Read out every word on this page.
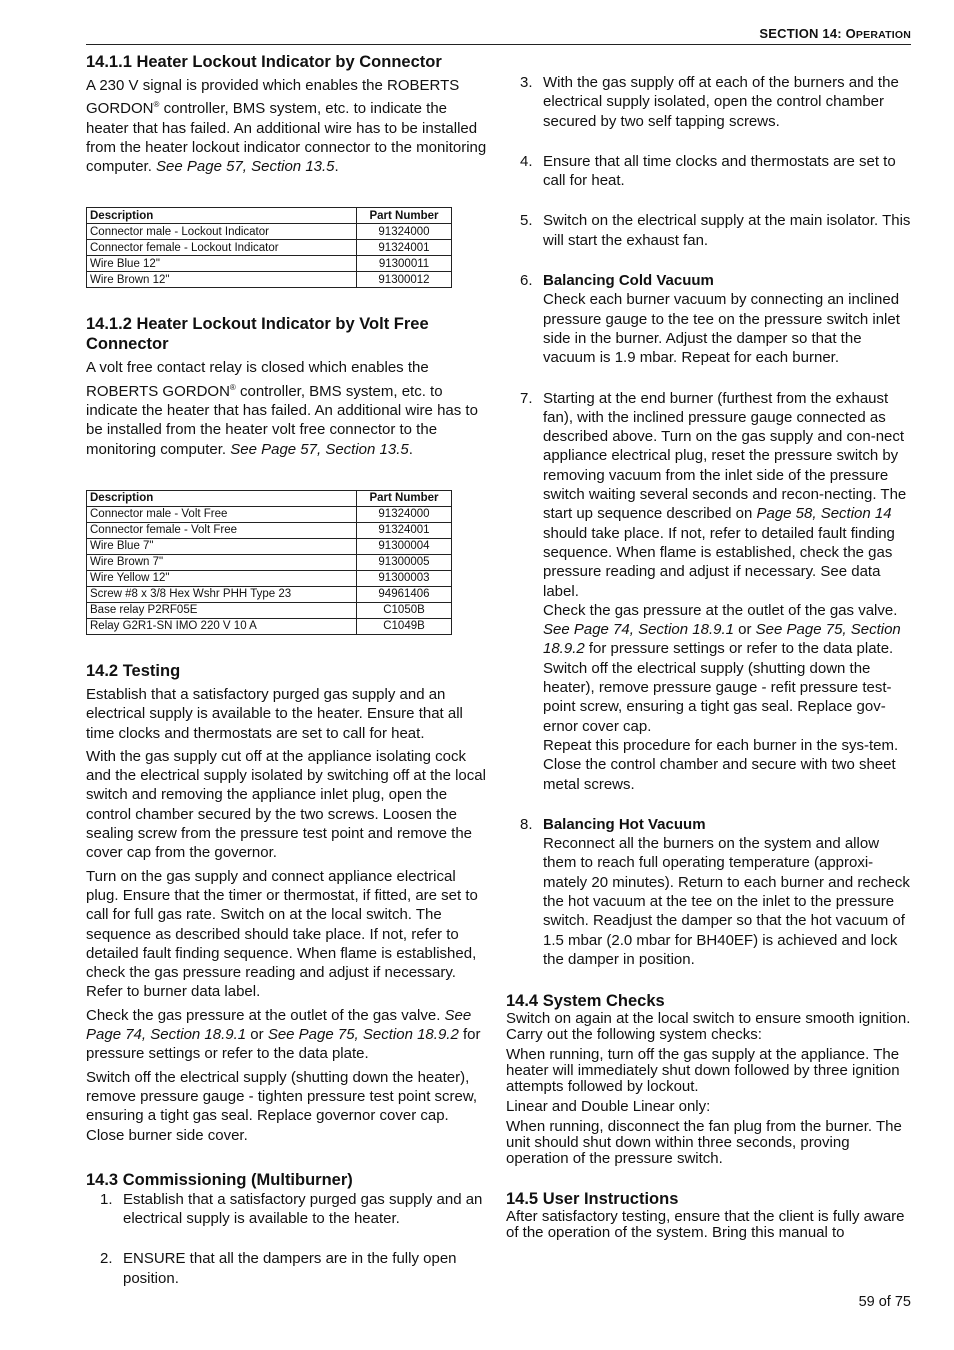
SECTION 14: OPERATION
14.1.1 Heater Lockout Indicator by Connector

A 230 V signal is provided which enables the ROBERTS GORDON® controller, BMS system, etc. to indicate the heater that has failed. An additional wire has to be installed from the heater lockout indicator connector to the monitoring computer. See Page 57, Section 13.5.

Description	Part Number
Connector male - Lockout Indicator	91324000
Connector female - Lockout Indicator	91324001
Wire Blue 12"	91300011
Wire Brown 12"	91300012
14.1.2 Heater Lockout Indicator by Volt Free Connector

A volt free contact relay is closed which enables the ROBERTS GORDON® controller, BMS system, etc. to indicate the heater that has failed. An additional wire has to be installed from the heater volt free connector to the monitoring computer. See Page 57, Section 13.5.

Description	Part Number
Connector male - Volt Free	91324000
Connector female - Volt Free	91324001
Wire Blue 7"	91300004
Wire Brown 7"	91300005
Wire Yellow 12"	91300003
Screw #8 x 3/8 Hex Wshr PHH Type 23	94961406
Base relay P2RF05E	C1050B
Relay G2R1-SN IMO 220 V 10 A	C1049B
14.2 Testing

Establish that a satisfactory purged gas supply and an electrical supply is available to the heater. Ensure that all time clocks and thermostats are set to call for heat.

With the gas supply cut off at the appliance isolating cock and the electrical supply isolated by switching off at the local switch and removing the appliance inlet plug, open the control chamber secured by the two screws. Loosen the sealing screw from the pressure test point and remove the cover cap from the governor.

Turn on the gas supply and connect appliance electrical plug. Ensure that the timer or thermostat, if fitted, are set to call for full gas rate. Switch on at the local switch. The sequence as described should take place. If not, refer to detailed fault finding sequence. When flame is established, check the gas pressure reading and adjust if necessary. Refer to burner data label.

Check the gas pressure at the outlet of the gas valve. See Page 74, Section 18.9.1 or See Page 75, Section 18.9.2 for pressure settings or refer to the data plate.

Switch off the electrical supply (shutting down the heater), remove pressure gauge - tighten pressure test point screw, ensuring a tight gas seal. Replace governor cover cap. Close burner side cover.

14.3 Commissioning (Multiburner)
1. Establish that a satisfactory purged gas supply and an electrical supply is available to the heater.
2. ENSURE that all the dampers are in the fully open position.
3. With the gas supply off at each of the burners and the electrical supply isolated, open the control chamber secured by two self tapping screws.
4. Ensure that all time clocks and thermostats are set to call for heat.
5. Switch on the electrical supply at the main isolator. This will start the exhaust fan.
6. Balancing Cold Vacuum
Check each burner vacuum by connecting an inclined pressure gauge to the tee on the pressure switch inlet side in the burner. Adjust the damper so that the vacuum is 1.9 mbar. Repeat for each burner.
7. Starting at the end burner (furthest from the exhaust fan), with the inclined pressure gauge connected as described above. Turn on the gas supply and con-nect appliance electrical plug, reset the pressure switch by removing vacuum from the inlet side of the pressure switch waiting several seconds and recon-necting. The start up sequence described on Page 58, Section 14 should take place. If not, refer to detailed fault finding sequence. When flame is established, check the gas pressure reading and adjust if necessary. See data label.
Check the gas pressure at the outlet of the gas valve. See Page 74, Section 18.9.1 or See Page 75, Section 18.9.2 for pressure settings or refer to the data plate.
Switch off the electrical supply (shutting down the heater), remove pressure gauge - refit pressure test-point screw, ensuring a tight gas seal. Replace gov-ernor cover cap.
Repeat this procedure for each burner in the sys-tem.
Close the control chamber and secure with two sheet metal screws.
8. Balancing Hot Vacuum
Reconnect all the burners on the system and allow them to reach full operating temperature (approxi-mately 20 minutes). Return to each burner and recheck the hot vacuum at the tee on the inlet to the pressure switch. Readjust the damper so that the hot vacuum of 1.5 mbar (2.0 mbar for BH40EF) is achieved and lock the damper in position.
14.4 System Checks

Switch on again at the local switch to ensure smooth ignition. Carry out the following system checks:

When running, turn off the gas supply at the appliance. The heater will immediately shut down followed by three ignition attempts followed by lockout.

Linear and Double Linear only:

When running, disconnect the fan plug from the burner. The unit should shut down within three seconds, proving operation of the pressure switch.

14.5 User Instructions

After satisfactory testing, ensure that the client is fully aware of the operation of the system. Bring this manual to

59 of 75
